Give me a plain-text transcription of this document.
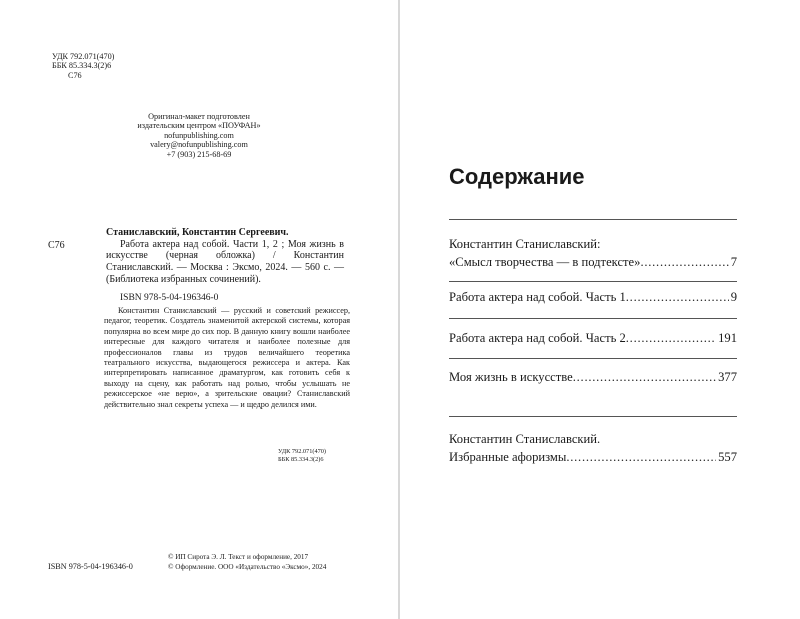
УДК 792.071(470)
ББК 85.334.3(2)6
С76
Оригинал-макет подготовлен
издательским центром «ПОУФАН»
nofunpublishing.com
valery@nofunpublishing.com
+7 (903) 215-68-69
С76
Станиславский, Константин Сергеевич.
Работа актера над собой. Части 1, 2 ; Моя жизнь в искусстве (черная обложка) / Константин Станиславский. — Москва : Эксмо, 2024. — 560 с. — (Библиотека избранных сочинений).
ISBN 978-5-04-196346-0
Константин Станиславский — русский и советский режиссер, педагог, теоретик. Создатель знаменитой актерской системы, которая популярна во всем мире до сих пор. В данную книгу вошли наиболее интересные для каждого читателя и наиболее полезные для профессионалов главы из трудов величайшего теоретика театрального искусства, выдающегося режиссера и актера. Как интерпретировать написанное драматургом, как готовить себя к выходу на сцену, как работать над ролью, чтобы услышать не режиссерское «не верю», а зрительские овации? Станиславский действительно знал секреты успеха — и щедро делился ими.
УДК 792.071(470)
ББК 85.334.3(2)6
ISBN 978-5-04-196346-0
© ИП Сирота Э. Л. Текст и оформление, 2017
© Оформление. ООО «Издательство «Эксмо», 2024
Содержание
Константин Станиславский:
«Смысл творчества — в подтексте» . . .	7
Работа актера над собой. Часть 1 . . .	9
Работа актера над собой. Часть 2 . . .	191
Моя жизнь в искусстве . . .	377
Константин Станиславский.
Избранные афоризмы . . .	557
